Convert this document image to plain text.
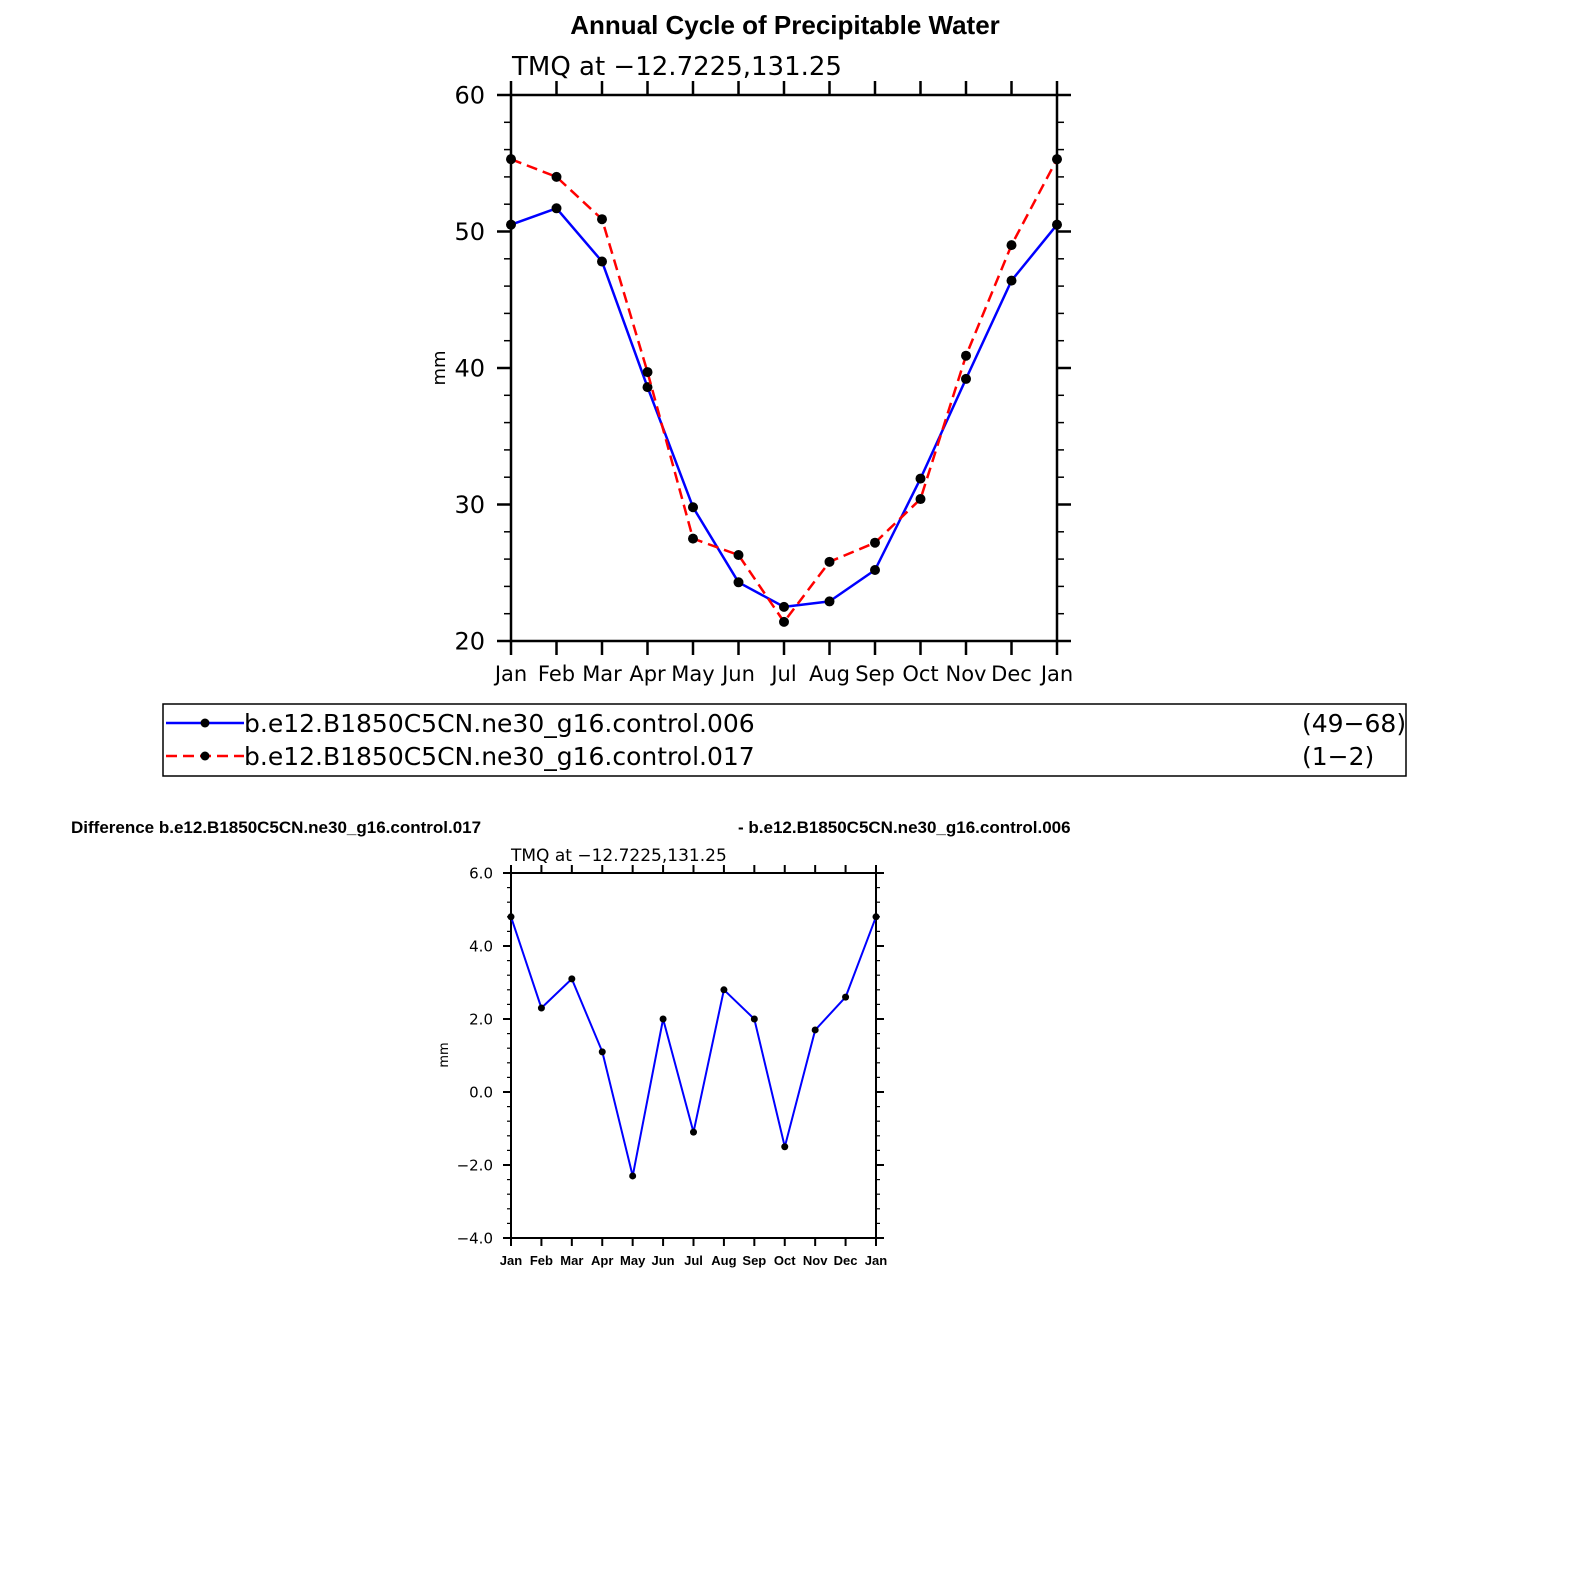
Annual Cycle of Precipitable Water
TMQ at −12.7225,131.25
mm
20
30
40
50
60
Jan Feb Mar Apr May Jun Jul Aug Sep Oct Nov Dec Jan
b.e12.B1850C5CN.ne30_g16.control.006	(49−68)
b.e12.B1850C5CN.ne30_g16.control.017	(1−2)
Difference b.e12.B1850C5CN.ne30_g16.control.017	- b.e12.B1850C5CN.ne30_g16.control.006
TMQ at −12.7225,131.25
mm
−4.0
−2.0
0.0
2.0
4.0
6.0
Jan Feb Mar Apr May Jun Jul Aug Sep Oct Nov Dec Jan
